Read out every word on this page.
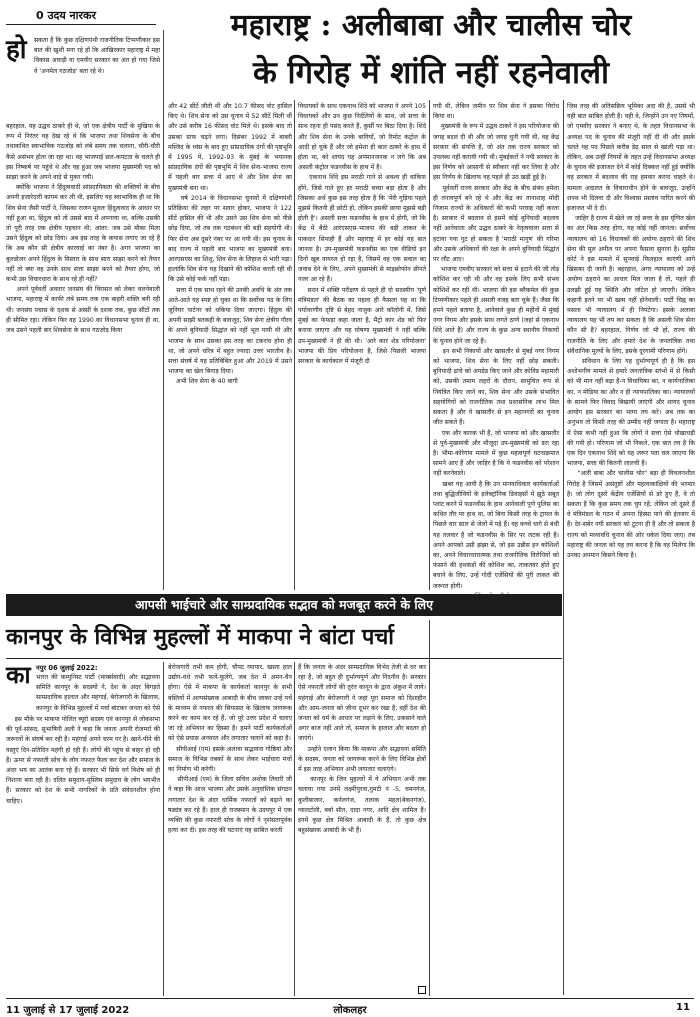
0 उदय नारकर	महाराष्ट्र : अलीबाबा और चालीस चोर
के गिरोह में शांति नहीं रहनेवाली
हो सकता है कि कुछ दक्षिणपंथी राजनीतिक टिप्पणीकार इस बात की खुशी मना रहे हों कि आखिरकार महाराष्ट्र में महा विकास अघाड़ी या एमवीए सरकार का अंत हो गया जिसे वे 'अनमेल गठजोड़' बता रहे थे।
बहरहाल, यह उद्धव ठाकरे ही थे, जो एक क्षेत्रीय पार्टी के मुखिया के रूप में निरंतर यह देख रहे थे कि भाजपा तथा शिवसेना के बीच तथाकथित स्वाभाविक गठजोड़ को लंबे समय तक चलाना, चौरी-चौरी कैसे असंभव होता जा रहा था। वह भाजपाई छल-कपटता के चलते ही इस निष्कर्ष पर पहुंचे थे और वह हुआ जब भाजपा मुख्यमंत्री पद को साझा करने के अपने वादे से मुकर गयी।
क्योंकि भाजपा ने हिंदुत्ववादी सांप्रदायिकता की शक्तियों के बीच अपनी इजारेदारी कायम कर ली थी, इसलिए यह स्वाभाविक ही था कि शिव सेना जैसी पार्टी ने, जिसका राजन मूलतः हिंदुत्ववाद के आधार पर नहीं हुआ था, हिंदुत्व को तो उससे बाद में अपनाया था, बल्कि उसकी तो पूरी तरह एक क्षेत्रीय पहचान थी; आंतर: जब उसे मौका मिला उसने हिंदुत्व को छोड़ दिया। अब इस तरह के कयास लगाए जा रहे हैं कि अब कौन सी क्षेत्रीय कारवाई का नंबर है। अगर भाजपा का बुलडोजर अपने हिंदुत्व के विस्तार के साथ सारा साझा करने को तैयार नहीं तो क्या वह उनके साथ सत्ता साझा करने को तैयार होगा, जो कभी उस विचारधारा के साथ रहे ही नहीं?
अपने पूर्ववर्ती अवतार जनसंघ की विरासत को लेकर चलनेवाली भाजपा, महाराष्ट्र में काफी लंबे समय तक एक बाहरी शक्ति बनी रही थी। जनसंघ पचास के दशक से अस्सी के दशक तक, कुछ सीटों तक ही सीमित रहा। लेकिन फिर वह 1990 का विधानसभा चुनाव ही था, जब उसने पहली बार शिवसेना के साथ गठजोड़ किया
और 42 सीटें जीती थीं और 10.7 फीसद वोट हासिल किए थे। शिव सेना को उस चुनाव में 52 सीटें मिली थीं और उसे करीब 16 फीसद वोट मिले थे। इसके बाद तो उसका ग्राफ चढ़ने लगा। दिसंबर 1992 में बाबरी मस्जिद के ध्वंस के बाद हुए सांप्रदायिक दंगों की पृष्ठभूमि में 1995 में, 1992-93 के मुंबई के भयानक सांप्रदायिक दंगों की पृष्ठभूमि में शिव सेना-भाजपा राज्य में पहली बार सत्ता में आए थे और शिव सेना का मुख्यमंत्री बना था।
वर्ष 2014 के विधानसभा चुनावों में दक्षिणपंथी प्रतिक्रिया की लहर पर सवार होकर, भाजपा ने 122 सीटें हासिल की थी और उसने उस शिव सेना को पीछे छोड़ दिया, जो तब तक गठबंधन की बड़ी सहयोगी थी। फिर सेना अब दूसरे नंबर पर आ गयी थी। इस चुनाव के बाद राज्य में पहली बार भाजपा का मुख्यमंत्री बना। आरएसएस का शिशु, शिव सेना के लिहाज से भारी पड़ा। हालांकि शिव सेना यह दिखाने की कोशिश करती रही थी कि उसे कोई फर्क नहीं पड़ा।
सत्ता में एक साथ रहने की उनकी अवधि के अंत तक आते-आते यह स्पष्ट हो चुका था कि सर्वोच्च पद के लिए जूनियर पार्टनर को धकिया दिया जाएगा। हिंदुत्व की अपनी साझी बतकही के बावजूद, शिव सेना क्षेत्रीय गौरव के अपने बुनियादी सिद्धांत को नहीं भूल पायी थी और भाजपा के साथ उसका इस तरह का टकराव होना ही था, जो अपने चरित्र में बहुत ज्यादा उत्तर भारतीय है। सत्ता संघर्ष में यह प्रतिबिंबित हुआ और 2019 में उसने भाजपा का खेल बिगाड़ दिया।
अभी शिव सेना के 40 बागी
विधायकों के साथ एकनाथ शिंदे को भाजपा ने अपने 105 विधायकों और उन कुछ निर्दलियों के साथ, जो सत्ता के साथ रहना ही पसंद करते हैं, कुर्सी पर बिठा दिया है। शिंदे और शिव सेना के उनके बागियों, जो रिमोट कंट्रोल के आदी हो चुके हैं और जो हमेशा ही बाल ठाकरे के हाथ में होता था, को शायद यह अपमानजनक न लगे कि अब असली कंट्रोल फडनवीस के हाथ में है।
एकनाथ शिंदे इस मराठी गाने से अवश्य ही वाकिफ होंगे, जिसे गाते हुए हर मराठी बच्चा बड़ा होता है और जिसका अर्थ कुछ इस तरह होता है कि 'मेरी गुड़िया पहले मुझसे कितनी ही छोटी हो, लेकिन इसकी छाया मुझसे बड़ी होती है'। असली सत्ता फडनवीस के हाथ में होगी, जो कि केंद्र में बैठी आरएसएस-भाजपा की बड़ी ताकत के पाकदार सिपाही हैं और महाराष्ट्र में हर कोई यह बात जानता है। उप-मुख्यमंत्री फडनवीस का एक वीडियो इन दिनों खूब वायरल हो रहा है, जिसमें वह एक सवाल का जवाब देने के लिए, अपने मुख्यमंत्री से माइक्रोफोन छीनते नजर आ रहे हैं।
सदन में शक्ति परीक्षण से पहले ही दो सदस्यीय 'पूर्ण मंत्रिमंडल' की बैठक का पहला ही फैसला यह था कि पर्यावरणीय दृष्टि से बेहद नाजुक आरे कॉलोनी में, जिसे मुंबई का फेफड़ा कहा जाता है, मैट्रो कार शेड को फिर बनाया जाएगा और यह घोषणा मुख्यमंत्री ने नहीं बल्कि उप-मुख्यमंत्री ने ही की थी। 'आरे कार शेड परियोजना' भाजपा की प्रिय परियोजना है, जिसे पिछली भाजपा सरकार के कार्यकाल में मंजूरी दी
गयी थी, लेकिन जमीन पर शिव सेना ने इसका विरोध किया था।
मुख्यमंत्री के रूप में उद्धव ठाकरे ने इस परियोजना की जगह बदल दी थी और जो जगह चुनी गयी थी, वह केंद्र सरकार की संपत्ति है, जो अंत तक राज्य सरकार को उपलब्ध नहीं करायी गयी थी। मुंबईकरों ने नयी सरकार के इस निर्णय को आसानी से स्वीकार नहीं कर लिया है और इस निर्णय के खिलाफ वह पहले ही उठ खड़ी हुई है।
पूर्ववर्ती राज्य सरकार और केंद्र के बीच संबंध हमेशा ही तनावपूर्ण बने रहे थे और केंद्र का तानाशाह मोदी निजाम राज्यों के अधिकारों की कभी परवाह नहीं करता है। सरकार में बदलाव से इसमें कोई बुनियादी बदलाव नहीं आनेवाला और उद्धव ठाकरे के नेतृत्ववाला सत्ता से हटाया गया गुट हो सकता है 'मराठी मानुष' की गरिमा और उसके अधिकारों की रक्षा के अपने बुनियादी सिद्धांत पर लौट आए।
भाजपा एमवीए सरकार को सत्ता से हटाने की जी तोड़ कोशिश कर रही थी और वह इसके लिए सभी संभव कोशिशें कर रही थी। भाजपा की इस ब्लैकमेल की कुछ टिप्पणीकार पहले ही असली वजह बता चुके हैं। जैसा कि हमने पहले बताया है, आनेवाले कुछ ही महीनों में मुंबई नगर निगम और इसके साथ लगते ठाणे (जहां से एकनाथ शिंदे आते हैं) और राज्य के कुछ अन्य स्थानीय निकायों के चुनाव होने जा रहे हैं।
इन सभी निकायों और खासतौर से मुंबई नगर निगम को भाजपा, शिव सेना के लिए नहीं छोड़ सकती। बुनियादी ढांचे को अपग्रेड किए जाने और कोविड महामारी को, उसकी तमाम लहरों के दौरान, सामुचित रूप से नियंत्रित किए जाने का, शिव सेना और उसके संभावित सहयोगियों को राजनीतिक तथा प्रशासनिक लाभ मिल सकता है और ये खासतौर से इन महानगरों का चुनाव जीत सकते हैं।
एक और कारक भी है, जो भाजपा को और खासतौर से पूर्व-मुख्यमंत्री और मौजूदा उप-मुख्यमंत्री को डरा रहा है। भीमा-कोरेगांव मामले में कुछ महत्वपूर्ण घटनाक्रमात सामने आए हैं और जाहिर है कि ये फडनवीस को परेशान नहीं करनेवाले।
खबर यह आयी है कि उन मानवाधिकार कार्यकर्ताओं तथा बुद्धिजीवियों के इलेक्ट्रॉनिक डिवाइसों में झूठे सबूत प्लांट करने में फडनवीस के हाथ आनेवाली पुणे पुलिस का कथित तौर पर हाथ था, जो बिना किसी तरह के ट्रायल के पिछले चार साल से जेलों में पड़े हैं। यह कच्चे धागे से बंधी यह तलवार है जो फडनवीस के सिर पर लटक रही है। अपने आपको उसी झंझा से, जो इस उन्नीस इन कोशिशों का, अपने विचारधारात्मक तथा राजनीतिक विरोधियों को फंसाने की हथकंडों की कोशिश का, ताकतवर होते हुए बचाने के लिए, उन्हें गोदी एजेंसियों की पूरी ताकत की जरूरत होगी।

जिस तरह की अतिसक्रिय भूमिका अदा की है, उससे भी यही बात साबित होती है। वही वे, जिन्होंने उन नए नियमों, जो एमवीए सरकार ने बनाए थे, के तहत विधानसभा के अध्यक्ष पद के चुनाव की मंजूरी नहीं दी थी और इसके चलते यह पद पिछले करीब डेढ़ साल से खाली पड़ा था। लेकिन, अब उन्हीं नियमों के तहत उन्हें विधानसभा अध्यक्ष के चुनाव की इजाजत देने में कोई दिक्कत नहीं हुई क्योंकि वह सरकार में बदलाव की राह हमवार करना चाहते थे। मामला अदालत के विचाराधीन होने के बावजूद, उन्होंने शपथ भी दिलवा दी और विश्वास प्रस्ताव पारित करने की इजाजत भी दे दी।
जाहिर है राज्य में खेले जा रहे सत्ता के इस घृणित खेल का अंत किस तरह होगा, यह कोई नहीं जानता। सर्वोच्च न्यायालय को 16 विधायकों की अयोग्य ठहराने की शिव सेना की मूल अपील पर अपना फैसला सुनाना है। सुप्रीम कोर्ट ने इस मामले में सुनवाई फिलहाल कारणी आगे खिसका दी जानी है। बहरहाल, अगर न्यायालय को उन्हें अयोग्य ठहराने का आधार मिल जाता है तो, पहले ही उलझी हुई यह स्थिति और जटिल हो जाएगी। लेकिन कहानी इतने पर भी खत्म नहीं होनेवाली। पार्टी चिह्न का मसला भी न्यायालय में ही निपटेगा। इसके अलावा न्यायालय यह भी तय कर सकता है कि असली शिव सेना कौन सी है? बहरहाल, निर्णय जो भी हो, राज्य की राजनीति के लिए और हमारे देश के जनतांत्रिक तथा संवैधानिक मूल्यों के लिए, इसके दूरगामी परिणाम होंगे।
संविधान के लिए यह दुर्भाग्यपूर्ण ही है कि इस अशोभनीय मामले से हमारे जनतांत्रिक स्तंभों में से किसी को भी मान नहीं बढ़ा है-न विधायिका का, न कार्यपालिका का, न मीडिया का और न ही न्यायपालिका का। न्यायालयों के सामने फिर विवाद बिखायी जाएंगी और शायद चुनाव आयोग इस सरकार का भाग्य तय करे। अब तक का अनुभव तो किसी तरह की उम्मीद नहीं जगाता है। महाराष्ट्र में ऐसा कभी नहीं हुआ कि लोगों ने सत्ता ऐसे धोखाधड़ी की गयी हो। परिणाम जो भी निकले, एक बात तय है कि एक दिन एकनाथ शिंदे को यह जरूर पता चल जाएगा कि भाजपा, सत्ता की कितनी लालची है।
"अली बाबा और चालीस चोर" बड़ा ही विचलनशील गिरोह है जिसमें असंतुष्टों और महत्वाकांक्षियों की भरमार है। जो लोग दूसरे केंद्रीय एजेंसियों से डरे हुए हैं, वे तो सकता है कि कुछ समय तक चुप रहें; लेकिन जो दूसरे हैं वे मंत्रिमंडल के गठन में अपना हिस्सा पाने की इंतजार में हैं। देर-सबेर नयी सरकार को टूटना ही है और तो सकता है राज्य को मध्यावधि चुनाव की ओर धकेल दिया जाए। तब महाराष्ट्र की जनता को यह तय करना है कि वह मिलेगा कि उनका अपमान किसने किया है।
आपसी भाईचारे और साम्प्रदायिक सद्भाव को मजबूत करने के लिए
कानपुर के विभिन्न मुहल्लों में माकपा ने बांटा पर्चा
का नपुर 06 जुलाई 2022:
भारत की कम्युनिस्ट पार्टी (मार्क्सवादी) और सद्भावना समिति कानपुर के सदस्यों ने, देश के अंदर बिगड़ते साम्प्रदायिक हालात और महंगाई, बेरोजगारी के खिलाफ, कानपुर के विभिन्न मुहल्लों में पर्चा बांटकर जनता को ऐसे
इस मौके पर माकपा पोलित ब्यूरो सदस्य एवं कानपुर से लोकसभा की पूर्व-सांसद, सुभाषिनी अली ने कहा कि जनता अपनी रोजमर्रा की जरूरतों के संघर्ष कर रही है। महंगाई अपने चरम पर है। खाने-पीने की वस्तुएं दिन-प्रतिदिन महंगी हो रही हैं। लोगों की पहुंच से बाहर हो रही हैं। ऊपर से नफरती सोच के लोग नफरत फैला कर देश और समाज के अंदर भय का आतंक बना रहे हैं। सरकार भी सिर्फ वर्ग विशेष को ही निशाना बना रही है। दलित समुदाय-मुस्लिम समुदाय के लोग भयभीत हैं। सरकार को देश के सभी नागरिकों के प्रति संवेदनशील होना चाहिए।
बेरोजगारी तभी कम होगी, चौपट व्यापार, खस्ता हाल उद्योग-धंधे तभी फलें-फूलेंगे, जब देश में अमन-चैन होगा। ऐसे में माकपा के कार्यकर्ता कानपुर के सभी बस्तियों में अल्पसंख्यक आबादी के बीच जाकर उन्हें पर्चे के माध्यम से नफरत की सियासत के खिलाफ जागरूक करने का काम कर रहे हैं, जो पूरे उत्तर प्रदेश में चलाए जा रहे अभियान का हिस्सा है। हमने पार्टी कार्यकर्ताओं को ऐसे प्रयास अनवरत और लगातार चलाने को कहा है।
सीपीआई (एम) इसके अलावा सद्भावना गोष्ठियां और समाज के विभिन्न तबकों के साथ लेकर भाईचारा मंचों का निर्माण भी करेगी।
सीपीआई (एम) के जिला सचिव अशोक तिवारी जी ने कहा कि आज भाजपा और उसके अनुवांशिक संगठन लगातार देश के अंदर धार्मिक नफरतों को बढ़ाने का षड्यंत्र कर रहे हैं। हाल ही राजस्थान के उदयपुर में एक व्यक्ति की कुछ नफरती सोच के लोगों ने नृशंसतापूर्वक हत्या कर दी। इस तरह की घटनाएं यह साबित करती
हैं कि जनता के अंदर साम्प्रदायिक विभेद तेजी से घर कर रहा है, जो बहुत ही दुर्भाग्यपूर्ण और निंदनीय है। सरकार ऐसे नफरती लोगों की तुरंत कानून के द्वारा अंकुश में लाये। महंगाई और बेरोजगारी ने जहां पूरा समाज को दिशाहीन और आम-जनता को जीना दूभर कर रखा है, वहीं देश की जनता को धर्म के आधार पर लड़ाने के लिए, उकसाने वाले अगर बाज नहीं आते तो, समाज के हालात और बदतर हो जाएंगे।
उन्होंने एलान किया कि माकपा और सद्भावना समिति के सदस्य, जनता को जागरूक करने के लिए विभिन्न क्षेत्रों में इस तरह अभियान अभी लगातार चलाएंगे।
कानपुर के जिन मुहल्लों में ये अभियान अभी तक चलाया गया उनमें लक्ष्मीपुरवा,गुमटी नं -5, चमनगंज, कुलीबाजार, कर्नलगंज, तलाक महल(बेकनगंज), ग्वालटोली, बर्बा सीत, दादा नगर, आदि क्षेत्र शामिल हैं। इनमें कुछ क्षेत्र मिश्रित आबादी के हैं, तो कुछ क्षेत्र बहुसंख्यक आबादी के भी हैं।
11 जुलाई से 17 जुलाई 2022	लोकलहर	11
